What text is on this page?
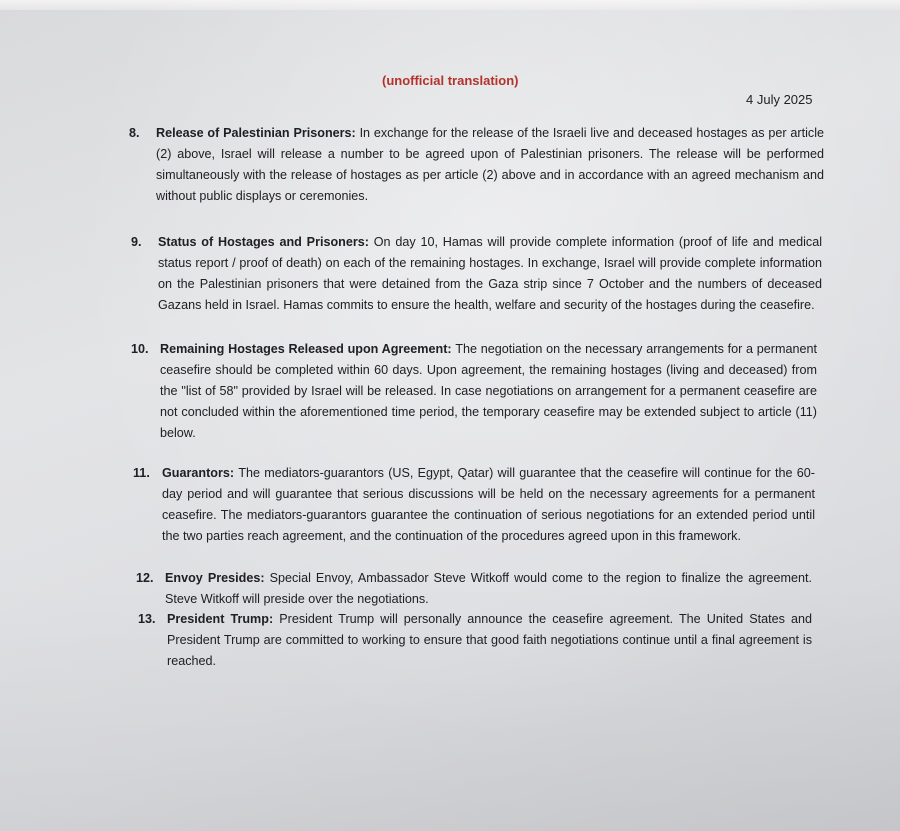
(unofficial translation)
4 July 2025
8. Release of Palestinian Prisoners: In exchange for the release of the Israeli live and deceased hostages as per article (2) above, Israel will release a number to be agreed upon of Palestinian prisoners. The release will be performed simultaneously with the release of hostages as per article (2) above and in accordance with an agreed mechanism and without public displays or ceremonies.
9. Status of Hostages and Prisoners: On day 10, Hamas will provide complete information (proof of life and medical status report / proof of death) on each of the remaining hostages. In exchange, Israel will provide complete information on the Palestinian prisoners that were detained from the Gaza strip since 7 October and the numbers of deceased Gazans held in Israel. Hamas commits to ensure the health, welfare and security of the hostages during the ceasefire.
10. Remaining Hostages Released upon Agreement: The negotiation on the necessary arrangements for a permanent ceasefire should be completed within 60 days. Upon agreement, the remaining hostages (living and deceased) from the "list of 58" provided by Israel will be released. In case negotiations on arrangement for a permanent ceasefire are not concluded within the aforementioned time period, the temporary ceasefire may be extended subject to article (11) below.
11. Guarantors: The mediators-guarantors (US, Egypt, Qatar) will guarantee that the ceasefire will continue for the 60-day period and will guarantee that serious discussions will be held on the necessary agreements for a permanent ceasefire. The mediators-guarantors guarantee the continuation of serious negotiations for an extended period until the two parties reach agreement, and the continuation of the procedures agreed upon in this framework.
12. Envoy Presides: Special Envoy, Ambassador Steve Witkoff would come to the region to finalize the agreement. Steve Witkoff will preside over the negotiations.
13. President Trump: President Trump will personally announce the ceasefire agreement. The United States and President Trump are committed to working to ensure that good faith negotiations continue until a final agreement is reached.
